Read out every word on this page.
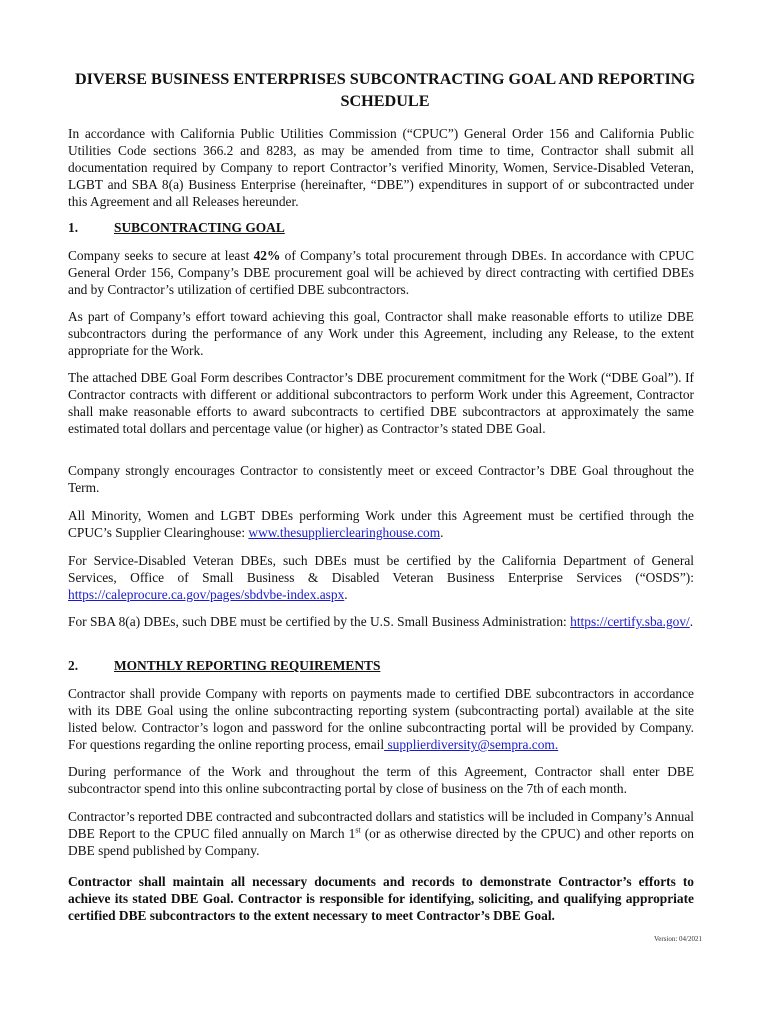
DIVERSE BUSINESS ENTERPRISES SUBCONTRACTING GOAL AND REPORTING SCHEDULE
In accordance with California Public Utilities Commission (“CPUC”) General Order 156 and California Public Utilities Code sections 366.2 and 8283, as may be amended from time to time, Contractor shall submit all documentation required by Company to report Contractor’s verified Minority, Women, Service-Disabled Veteran, LGBT and SBA 8(a) Business Enterprise (hereinafter, “DBE”) expenditures in support of or subcontracted under this Agreement and all Releases hereunder.
1.	SUBCONTRACTING GOAL
Company seeks to secure at least 42% of Company’s total procurement through DBEs. In accordance with CPUC General Order 156, Company’s DBE procurement goal will be achieved by direct contracting with certified DBEs and by Contractor’s utilization of certified DBE subcontractors.
As part of Company’s effort toward achieving this goal, Contractor shall make reasonable efforts to utilize DBE subcontractors during the performance of any Work under this Agreement, including any Release, to the extent appropriate for the Work.
The attached DBE Goal Form describes Contractor’s DBE procurement commitment for the Work (“DBE Goal”). If Contractor contracts with different or additional subcontractors to perform Work under this Agreement, Contractor shall make reasonable efforts to award subcontracts to certified DBE subcontractors at approximately the same estimated total dollars and percentage value (or higher) as Contractor’s stated DBE Goal.
Company strongly encourages Contractor to consistently meet or exceed Contractor’s DBE Goal throughout the Term.
All Minority, Women and LGBT DBEs performing Work under this Agreement must be certified through the CPUC’s Supplier Clearinghouse: www.thesupplierclearinghouse.com.
For Service-Disabled Veteran DBEs, such DBEs must be certified by the California Department of General Services, Office of Small Business & Disabled Veteran Business Enterprise Services (“OSDS”): https://caleprocure.ca.gov/pages/sbdvbe-index.aspx.
For SBA 8(a) DBEs, such DBE must be certified by the U.S. Small Business Administration: https://certify.sba.gov/.
2.	MONTHLY REPORTING REQUIREMENTS
Contractor shall provide Company with reports on payments made to certified DBE subcontractors in accordance with its DBE Goal using the online subcontracting reporting system (subcontracting portal) available at the site listed below. Contractor’s logon and password for the online subcontracting portal will be provided by Company. For questions regarding the online reporting process, email supplierdiversity@sempra.com.
During performance of the Work and throughout the term of this Agreement, Contractor shall enter DBE subcontractor spend into this online subcontracting portal by close of business on the 7th of each month.
Contractor’s reported DBE contracted and subcontracted dollars and statistics will be included in Company’s Annual DBE Report to the CPUC filed annually on March 1st (or as otherwise directed by the CPUC) and other reports on DBE spend published by Company.
Contractor shall maintain all necessary documents and records to demonstrate Contractor’s efforts to achieve its stated DBE Goal. Contractor is responsible for identifying, soliciting, and qualifying appropriate certified DBE subcontractors to the extent necessary to meet Contractor’s DBE Goal.
Version: 04/2021
